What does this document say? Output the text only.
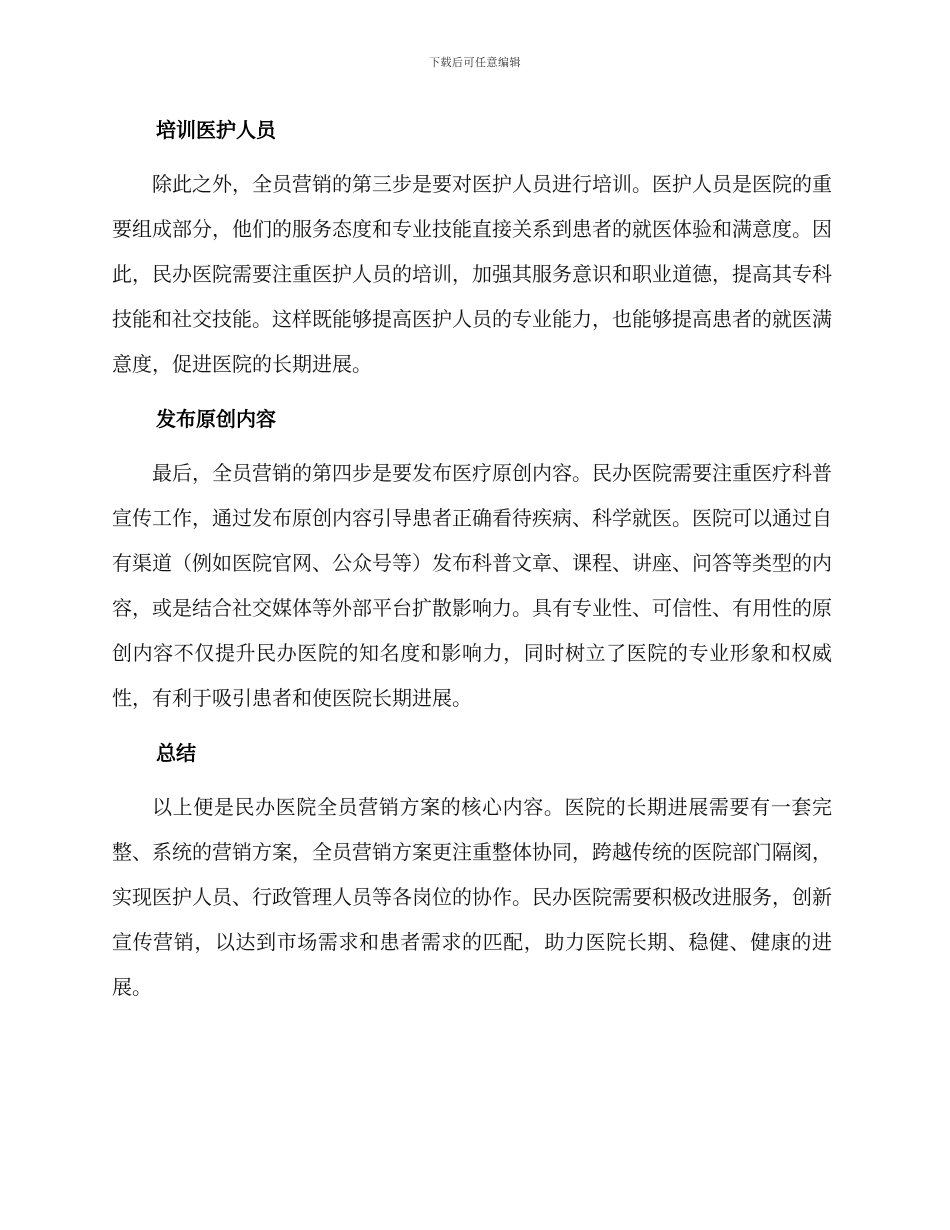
下载后可任意编辑
培训医护人员

除此之外，全员营销的第三步是要对医护人员进行培训。医护人员是医院的重要组成部分，他们的服务态度和专业技能直接关系到患者的就医体验和满意度。因此，民办医院需要注重医护人员的培训，加强其服务意识和职业道德，提高其专科技能和社交技能。这样既能够提高医护人员的专业能力，也能够提高患者的就医满意度，促进医院的长期进展。

发布原创内容

最后，全员营销的第四步是要发布医疗原创内容。民办医院需要注重医疗科普宣传工作，通过发布原创内容引导患者正确看待疾病、科学就医。医院可以通过自有渠道（例如医院官网、公众号等）发布科普文章、课程、讲座、问答等类型的内容，或是结合社交媒体等外部平台扩散影响力。具有专业性、可信性、有用性的原创内容不仅提升民办医院的知名度和影响力，同时树立了医院的专业形象和权威性，有利于吸引患者和使医院长期进展。

总结

以上便是民办医院全员营销方案的核心内容。医院的长期进展需要有一套完整、系统的营销方案，全员营销方案更注重整体协同，跨越传统的医院部门隔阂，实现医护人员、行政管理人员等各岗位的协作。民办医院需要积极改进服务，创新宣传营销，以达到市场需求和患者需求的匹配，助力医院长期、稳健、健康的进展。
